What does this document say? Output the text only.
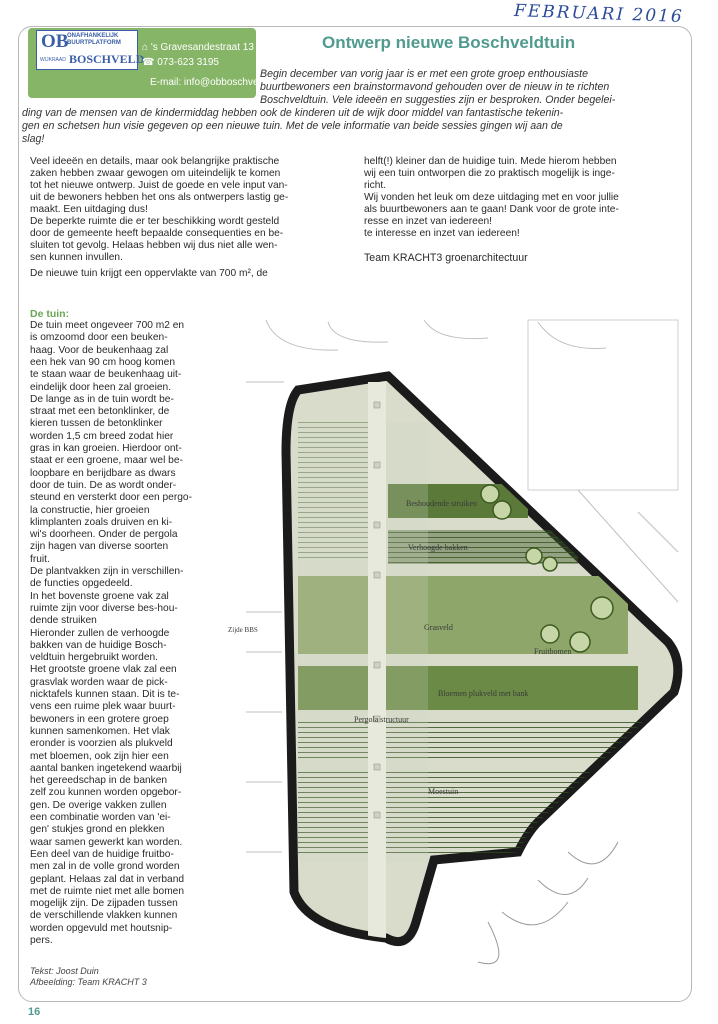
FEBRUARI 2016
OB
ONAFHANKELIJK
BUURTPLATFORM
WIJKRAAD BOSCHVELD
⌂ 's Gravesandestraat 13
☎ 073-623 3195
E-mail: info@obboschveld.nl
Ontwerp nieuwe Boschveldtuin
Begin december van vorig jaar is er met een grote groep enthousiaste
buurtbewoners een brainstormavond gehouden over de nieuw in te richten
Boschveldtuin. Vele ideeën en suggesties zijn er besproken. Onder begelei-
ding van de mensen van de kindermiddag hebben ook de kinderen uit de wijk door middel van fantastische tekenin-
gen en schetsen hun visie gegeven op een nieuwe tuin. Met de vele informatie van beide sessies gingen wij aan de
slag!
Veel ideeën en details, maar ook belangrijke praktische
zaken hebben zwaar gewogen om uiteindelijk te komen
tot het nieuwe ontwerp. Juist de goede en vele input van-
uit de bewoners hebben het ons als ontwerpers lastig ge-
maakt. Een uitdaging dus!
De beperkte ruimte die er ter beschikking wordt gesteld
door de gemeente heeft bepaalde consequenties en be-
sluiten tot gevolg. Helaas hebben wij dus niet alle wen-
sen kunnen invullen.
De nieuwe tuin krijgt een oppervlakte van 700 m², de
helft(!) kleiner dan de huidige tuin. Mede hierom hebben
wij een tuin ontworpen die zo praktisch mogelijk is inge-
richt.
Wij vonden het leuk om deze uitdaging met en voor jullie
als buurtbewoners aan te gaan! Dank voor de grote inte-
resse en inzet van iedereen!
te interesse en inzet van iedereen!
Team KRACHT3 groenarchitectuur
De tuin:
De tuin meet ongeveer 700 m2 en
is omzoomd door een beuken-
haag. Voor de beukenhaag zal
een hek van 90 cm hoog komen
te staan waar de beukenhaag uit-
eindelijk door heen zal groeien.
De lange as in de tuin wordt be-
straat met een betonklinker, de
kieren tussen de betonklinker
worden 1,5 cm breed zodat hier
gras in kan groeien. Hierdoor ont-
staat er een groene, maar wel be-
loopbare en berijdbare as dwars
door de tuin. De as wordt onder-
steund en versterkt door een pergo-
la constructie, hier groeien
klimplanten zoals druiven en ki-
wi's doorheen. Onder de pergola
zijn hagen van diverse soorten
fruit.
De plantvakken zijn in verschillen-
de functies opgedeeld.
In het bovenste groene vak zal
ruimte zijn voor diverse bes-hou-
dende struiken
Hieronder zullen de verhoogde
bakken van de huidige Bosch-
veldtuin hergebruikt worden.
Het grootste groene vlak zal een
grasvlak worden waar de pick-
nicktafels kunnen staan. Dit is te-
vens een ruime plek waar buurt-
bewoners in een grotere groep
kunnen samenkomen. Het vlak
eronder is voorzien als plukveld
met bloemen, ook zijn hier een
aantal banken ingetekend waarbij
het gereedschap in de banken
zelf zou kunnen worden opgebor-
gen. De overige vakken zullen
een combinatie worden van 'ei-
gen' stukjes grond en plekken
waar samen gewerkt kan worden.
Een deel van de huidige fruitbo-
men zal in de volle grond worden
geplant. Helaas zal dat in verband
met de ruimte niet met alle bomen
mogelijk zijn. De zijpaden tussen
de verschillende vlakken kunnen
worden opgevuld met houtsnip-
pers.
Tekst: Joost Duin
Afbeelding: Team KRACHT 3
16
Beshoudende struiken
Verhoogde bakken
Grasveld
Fruitbomen
Zijde BBS
Bloemen plukveld met bank
Pergola structuur
Moestuin
